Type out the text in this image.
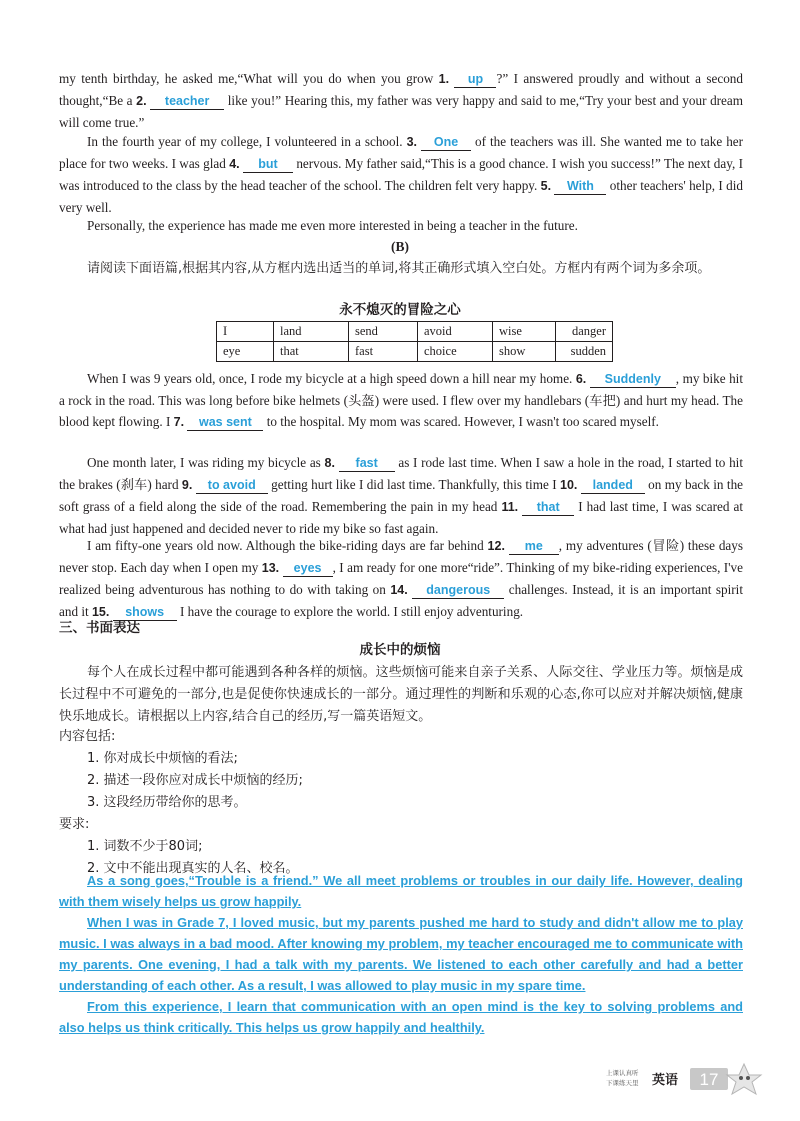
my tenth birthday, he asked me,“What will you do when you grow 1. up ?” I answered proudly and without a second thought,“Be a 2. teacher like you!” Hearing this, my father was very happy and said to me,“Try your best and your dream will come true.”

In the fourth year of my college, I volunteered in a school. 3. One of the teachers was ill. She wanted me to take her place for two weeks. I was glad 4. but nervous. My father said,“This is a good chance. I wish you success!” The next day, I was introduced to the class by the head teacher of the school. The children felt very happy. 5. With other teachers' help, I did very well.

Personally, the experience has made me even more interested in being a teacher in the future.

(B)

请阅读下面语篇,根据其内容,从方框内选出适当的单词,将其正确形式填入空白处。方框内有两个词为多余项。

永不熄灭的冒险之心
I	land	send	avoid	wise	danger
eye	that	fast	choice	show	sudden

When I was 9 years old, once, I rode my bicycle at a high speed down a hill near my home. 6. Suddenly , my bike hit a rock in the road. This was long before bike helmets (头盔) were used. I flew over my handlebars (车把) and hurt my head. The blood kept flowing. I 7. was sent to the hospital. My mom was scared. However, I wasn't too scared myself.

One month later, I was riding my bicycle as 8. fast as I rode last time. When I saw a hole in the road, I started to hit the brakes (刹车) hard 9. to avoid getting hurt like I did last time. Thankfully, this time I 10. landed on my back in the soft grass of a field along the side of the road. Remembering the pain in my head 11. that I had last time, I was scared at what had just happened and decided never to ride my bike so fast again.

I am fifty-one years old now. Although the bike-riding days are far behind 12. me , my adventures (冒险) these days never stop. Each day when I open my 13. eyes , I am ready for one more“ride”. Thinking of my bike-riding experiences, I've realized being adventurous has nothing to do with taking on 14. dangerous challenges. Instead, it is an important spirit and it 15. shows I have the courage to explore the world. I still enjoy adventuring.

三、书面表达
成长中的烦恼

每个人在成长过程中都可能遇到各种各样的烦恼。这些烦恼可能来自亲子关系、人际交往、学业压力等。烦恼是成长过程中不可避免的一部分,也是促使你快速成长的一部分。通过理性的判断和乐观的心态,你可以应对并解决烦恼,健康快乐地成长。请根据以上内容,结合自己的经历,写一篇英语短文。

内容包括:
1. 你对成长中烦恼的看法;
2. 描述一段你应对成长中烦恼的经历;
3. 这段经历带给你的思考。
要求:
1. 词数不少于80词;
2. 文中不能出现真实的人名、校名。

As a song goes,“Trouble is a friend.” We all meet problems or troubles in our daily life. However, dealing with them wisely helps us grow happily.

When I was in Grade 7, I loved music, but my parents pushed me hard to study and didn't allow me to play music. I was always in a bad mood. After knowing my problem, my teacher encouraged me to communicate with my parents. One evening, I had a talk with my parents. We listened to each other carefully and had a better understanding of each other. As a result, I was allowed to play music in my spare time.

From this experience, I learn that communication with an open mind is the key to solving problems and also helps us think critically. This helps us grow happily and healthily.

上课认真听
下课练天里 英语 17
